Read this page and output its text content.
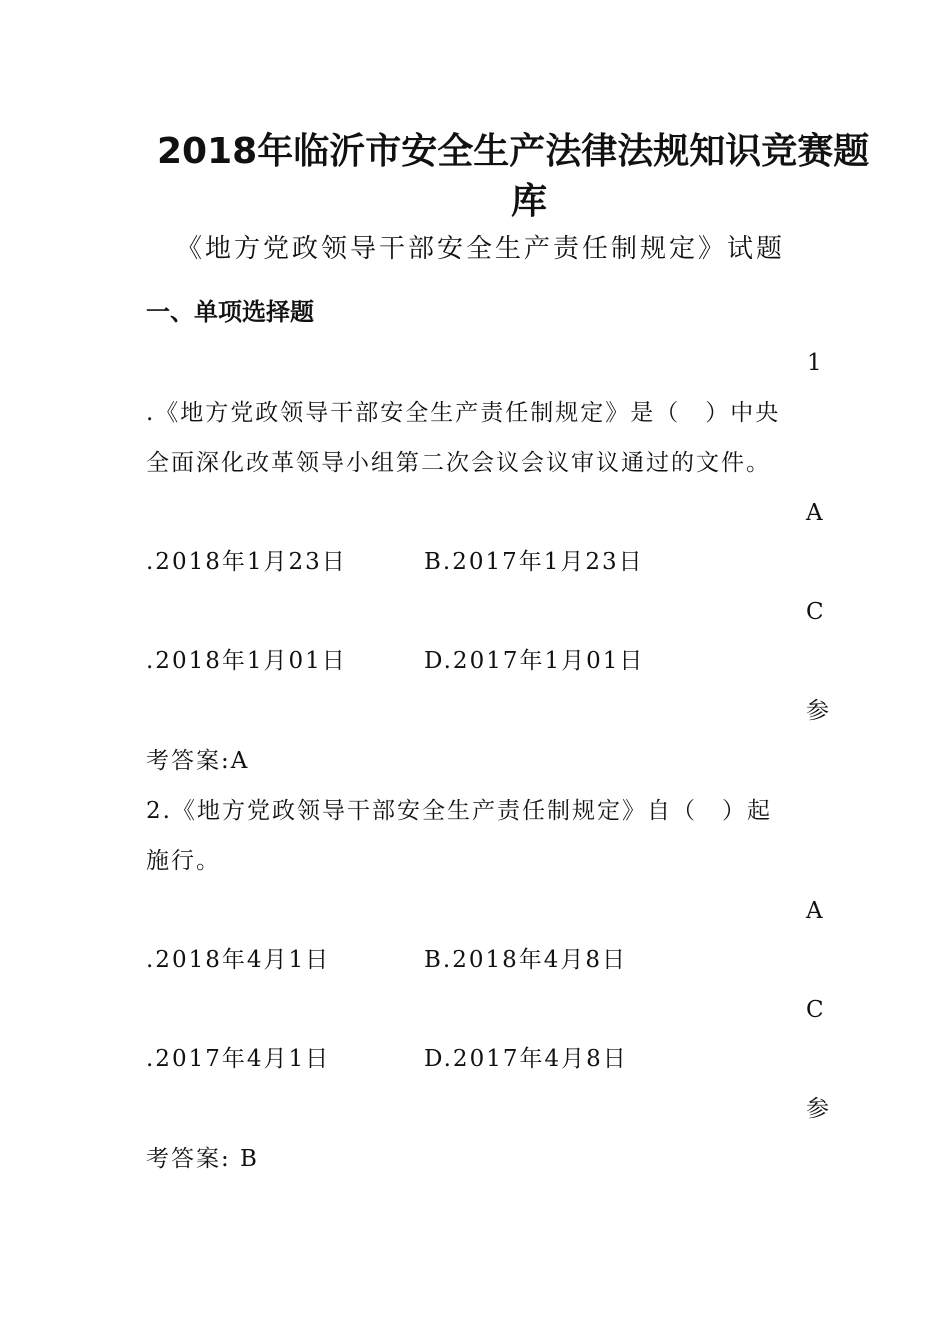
2018年临沂市安全生产法律法规知识竞赛题
库
《地方党政领导干部安全生产责任制规定》试题
一、单项选择题
1
.《地方党政领导干部安全生产责任制规定》是（　）中央
全面深化改革领导小组第二次会议会议审议通过的文件。
A
.2018年1月23日	B.2017年1月23日
C
.2018年1月01日	D.2017年1月01日
参
考答案:A
2.《地方党政领导干部安全生产责任制规定》自（　）起
施行。
A
.2018年4月1日	B.2018年4月8日
C
.2017年4月1日	D.2017年4月8日
参
考答案: B
